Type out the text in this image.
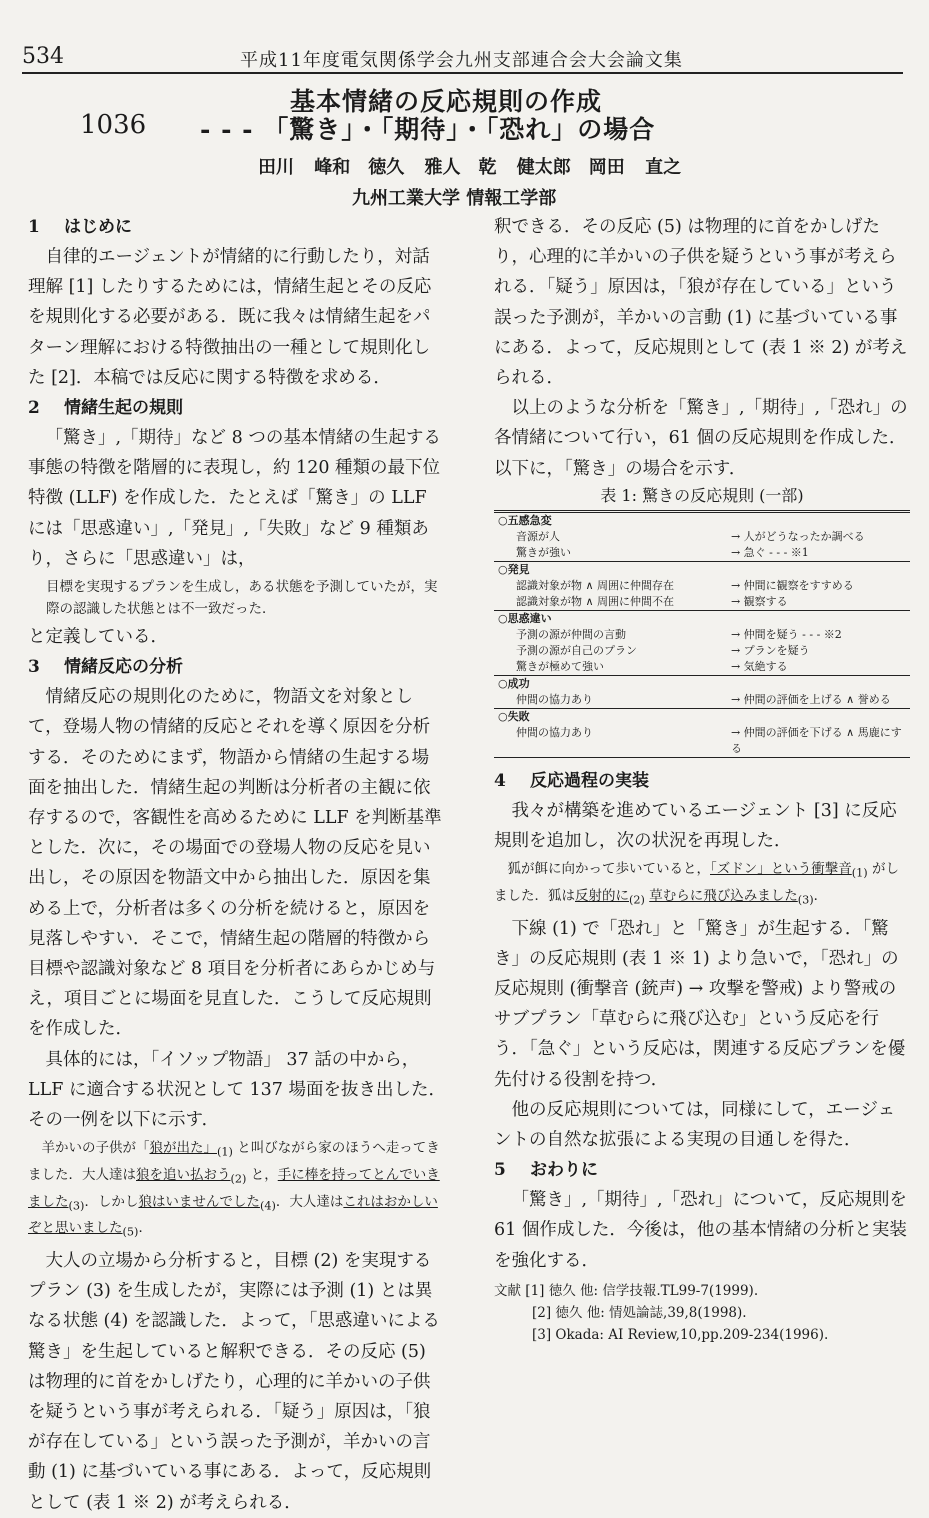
534	平成11年度電気関係学会九州支部連合会大会論文集
1036
基本情緒の反応規則の作成
- - - 「驚き」・「期待」・「恐れ」の場合
田川 峰和　徳久 雅人　乾 健太郎　岡田 直之
九州工業大学 情報工学部
1 はじめに

自律的エージェントが情緒的に行動したり，対話理解 [1] したりするためには，情緒生起とその反応を規則化する必要がある．既に我々は情緒生起をパターン理解における特徴抽出の一種として規則化した [2]．本稿では反応に関する特徴を求める．

2 情緒生起の規則

「驚き」,「期待」など 8 つの基本情緒の生起する事態の特徴を階層的に表現し，約 120 種類の最下位特徴 (LLF) を作成した．たとえば「驚き」の LLF には「思惑違い」,「発見」,「失敗」など 9 種類あり，さらに「思惑違い」は，

目標を実現するプランを生成し，ある状態を予測していたが，実際の認識した状態とは不一致だった．

と定義している．

3 情緒反応の分析

情緒反応の規則化のために，物語文を対象として，登場人物の情緒的反応とそれを導く原因を分析する．そのためにまず，物語から情緒の生起する場面を抽出した．情緒生起の判断は分析者の主観に依存するので，客観性を高めるために LLF を判断基準とした．次に，その場面での登場人物の反応を見い出し，その原因を物語文中から抽出した．原因を集める上で，分析者は多くの分析を続けると，原因を見落しやすい．そこで，情緒生起の階層的特徴から目標や認識対象など 8 項目を分析者にあらかじめ与え，項目ごとに場面を見直した．こうして反応規則を作成した．

具体的には，「イソップ物語」 37 話の中から，LLF に適合する状況として 137 場面を抜き出した．その一例を以下に示す．

羊かいの子供が「狼が出た」$_{(1)}$ と叫びながら家のほうへ走ってきました．大人達は狼を追い払おう$_{(2)}$ と，手に棒を持ってとんでいきました$_{(3)}$．しかし狼はいませんでした$_{(4)}$．大人達はこれはおかしいぞと思いました$_{(5)}$．

大人の立場から分析すると，目標 (2) を実現するプラン (3) を生成したが，実際には予測 (1) とは異なる状態 (4) を認識した．よって，「思惑違いによる驚き」を生起していると解釈できる．その反応 (5) は物理的に首をかしげたり，心理的に羊かいの子供を疑うという事が考えられる．「疑う」原因は，「狼が存在している」という誤った予測が，羊かいの言動 (1) に基づいている事にある．よって，反応規則として (表 1 ※ 2) が考えられる．

釈できる．その反応 (5) は物理的に首をかしげたり，心理的に羊かいの子供を疑うという事が考えられる．「疑う」原因は，「狼が存在している」という誤った予測が，羊かいの言動 (1) に基づいている事にある．よって，反応規則として (表 1 ※ 2) が考えられる．

以上のような分析を「驚き」,「期待」,「恐れ」の各情緒について行い，61 個の反応規則を作成した．以下に，「驚き」の場合を示す．

表 1: 驚きの反応規則 (一部)
○五感急変	
音源が人	→ 人がどうなったか調べる
驚きが強い	→ 急ぐ - - - ※1
○発見	
認識対象が物 ∧ 周囲に仲間存在	→ 仲間に観察をすすめる
認識対象が物 ∧ 周囲に仲間不在	→ 観察する
○思惑違い	
予測の源が仲間の言動	→ 仲間を疑う - - - ※2
予測の源が自己のプラン	→ プランを疑う
驚きが極めて強い	→ 気絶する
○成功	
仲間の協力あり	→ 仲間の評価を上げる ∧ 誉める
○失敗	
仲間の協力あり	→ 仲間の評価を下げる ∧ 馬鹿にする
4 反応過程の実装

我々が構築を進めているエージェント [3] に反応規則を追加し，次の状況を再現した．

狐が餌に向かって歩いていると，「ズドン」という衝撃音$_{(1)}$ がしました．狐は反射的に$_{(2)}$ 草むらに飛び込みました$_{(3)}$．

下線 (1) で「恐れ」と「驚き」が生起する．「驚き」の反応規則 (表 1 ※ 1) より急いで，「恐れ」の反応規則 (衝撃音 (銃声) → 攻撃を警戒) より警戒のサブプラン「草むらに飛び込む」という反応を行う．「急ぐ」という反応は，関連する反応プランを優先付ける役割を持つ．

他の反応規則については，同様にして，エージェントの自然な拡張による実現の目通しを得た．

5 おわりに

「驚き」,「期待」,「恐れ」について，反応規則を 61 個作成した．今後は，他の基本情緒の分析と実装を強化する．

文献 [1] 徳久 他: 信学技報.TL99-7(1999).
[2] 徳久 他: 情処論誌,39,8(1998).
[3] Okada: AI Review,10,pp.209-234(1996).
